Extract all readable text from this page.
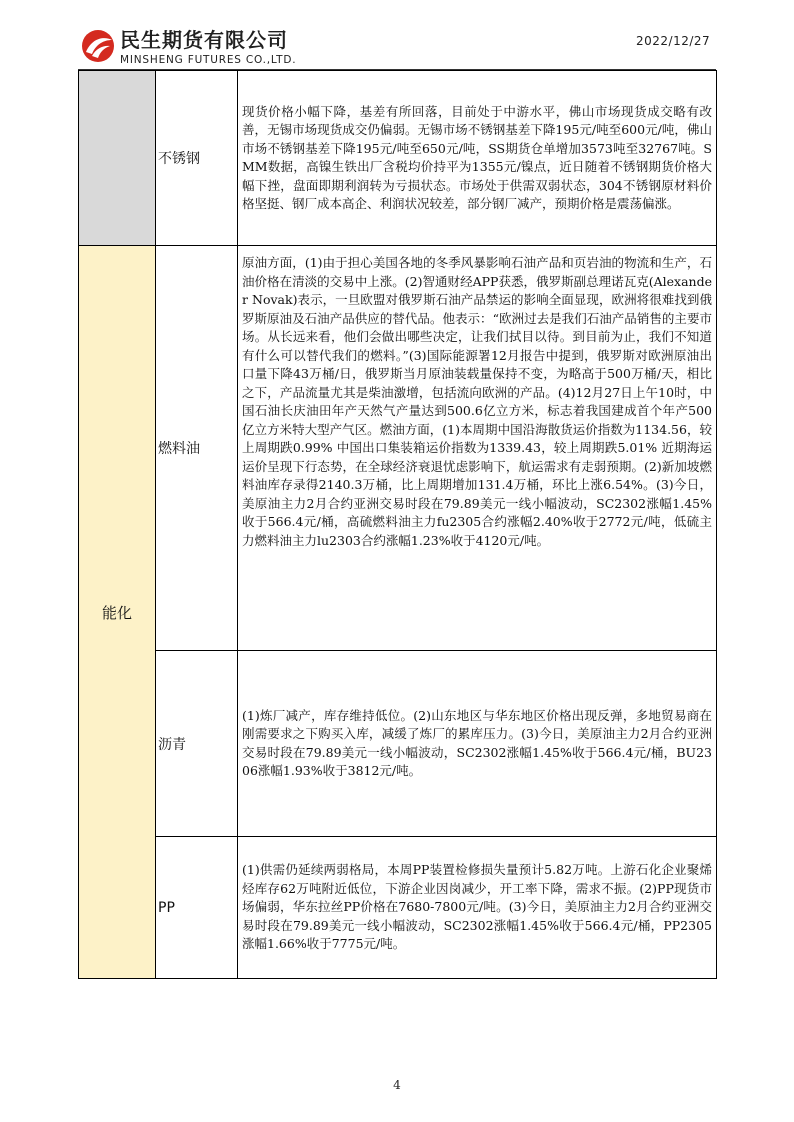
民生期货有限公司
MINSHENG FUTURES CO.,LTD.
2022/12/27
	不锈钢	现货价格小幅下降，基差有所回落，目前处于中游水平，佛山市场现货成交略有改善，无锡市场现货成交仍偏弱。无锡市场不锈钢基差下降195元/吨至600元/吨，佛山市场不锈钢基差下降195元/吨至650元/吨，SS期货仓单增加3573吨至32767吨。SMM数据，高镍生铁出厂含税均价持平为1355元/镍点，近日随着不锈钢期货价格大幅下挫，盘面即期利润转为亏损状态。市场处于供需双弱状态，304不锈钢原材料价格坚挺、钢厂成本高企、利润状况较差，部分钢厂减产，预期价格是震荡偏涨。
能化	燃料油	原油方面，(1)由于担心美国各地的冬季风暴影响石油产品和页岩油的物流和生产，石油价格在清淡的交易中上涨。(2)智通财经APP获悉，俄罗斯副总理诺瓦克(Alexander Novak)表示，一旦欧盟对俄罗斯石油产品禁运的影响全面显现，欧洲将很难找到俄罗斯原油及石油产品供应的替代品。他表示：“欧洲过去是我们石油产品销售的主要市场。从长远来看，他们会做出哪些决定，让我们拭目以待。到目前为止，我们不知道有什么可以替代我们的燃料。”(3)国际能源署12月报告中提到，俄罗斯对欧洲原油出口量下降43万桶/日，俄罗斯当月原油装载量保持不变，为略高于500万桶/天，相比之下，产品流量尤其是柴油激增，包括流向欧洲的产品。(4)12月27日上午10时，中国石油长庆油田年产天然气产量达到500.6亿立方米，标志着我国建成首个年产500亿立方米特大型产气区。燃油方面，(1)本周期中国沿海散货运价指数为1134.56，较上周期跌0.99% 中国出口集装箱运价指数为1339.43，较上周期跌5.01% 近期海运运价呈现下行态势，在全球经济衰退忧虑影响下，航运需求有走弱预期。(2)新加坡燃料油库存录得2140.3万桶，比上周期增加131.4万桶，环比上涨6.54%。(3)今日，美原油主力2月合约亚洲交易时段在79.89美元一线小幅波动，SC2302涨幅1.45%收于566.4元/桶，高硫燃料油主力fu2305合约涨幅2.40%收于2772元/吨，低硫主力燃料油主力lu2303合约涨幅1.23%收于4120元/吨。
	沥青	(1)炼厂减产，库存维持低位。(2)山东地区与华东地区价格出现反弹，多地贸易商在刚需要求之下购买入库，减缓了炼厂的累库压力。(3)今日，美原油主力2月合约亚洲交易时段在79.89美元一线小幅波动，SC2302涨幅1.45%收于566.4元/桶，BU2306涨幅1.93%收于3812元/吨。
	PP	(1)供需仍延续两弱格局，本周PP装置检修损失量预计5.82万吨。上游石化企业聚烯烃库存62万吨附近低位，下游企业因岗减少，开工率下降，需求不振。(2)PP现货市场偏弱，华东拉丝PP价格在7680-7800元/吨。(3)今日，美原油主力2月合约亚洲交易时段在79.89美元一线小幅波动，SC2302涨幅1.45%收于566.4元/桶，PP2305涨幅1.66%收于7775元/吨。
4
